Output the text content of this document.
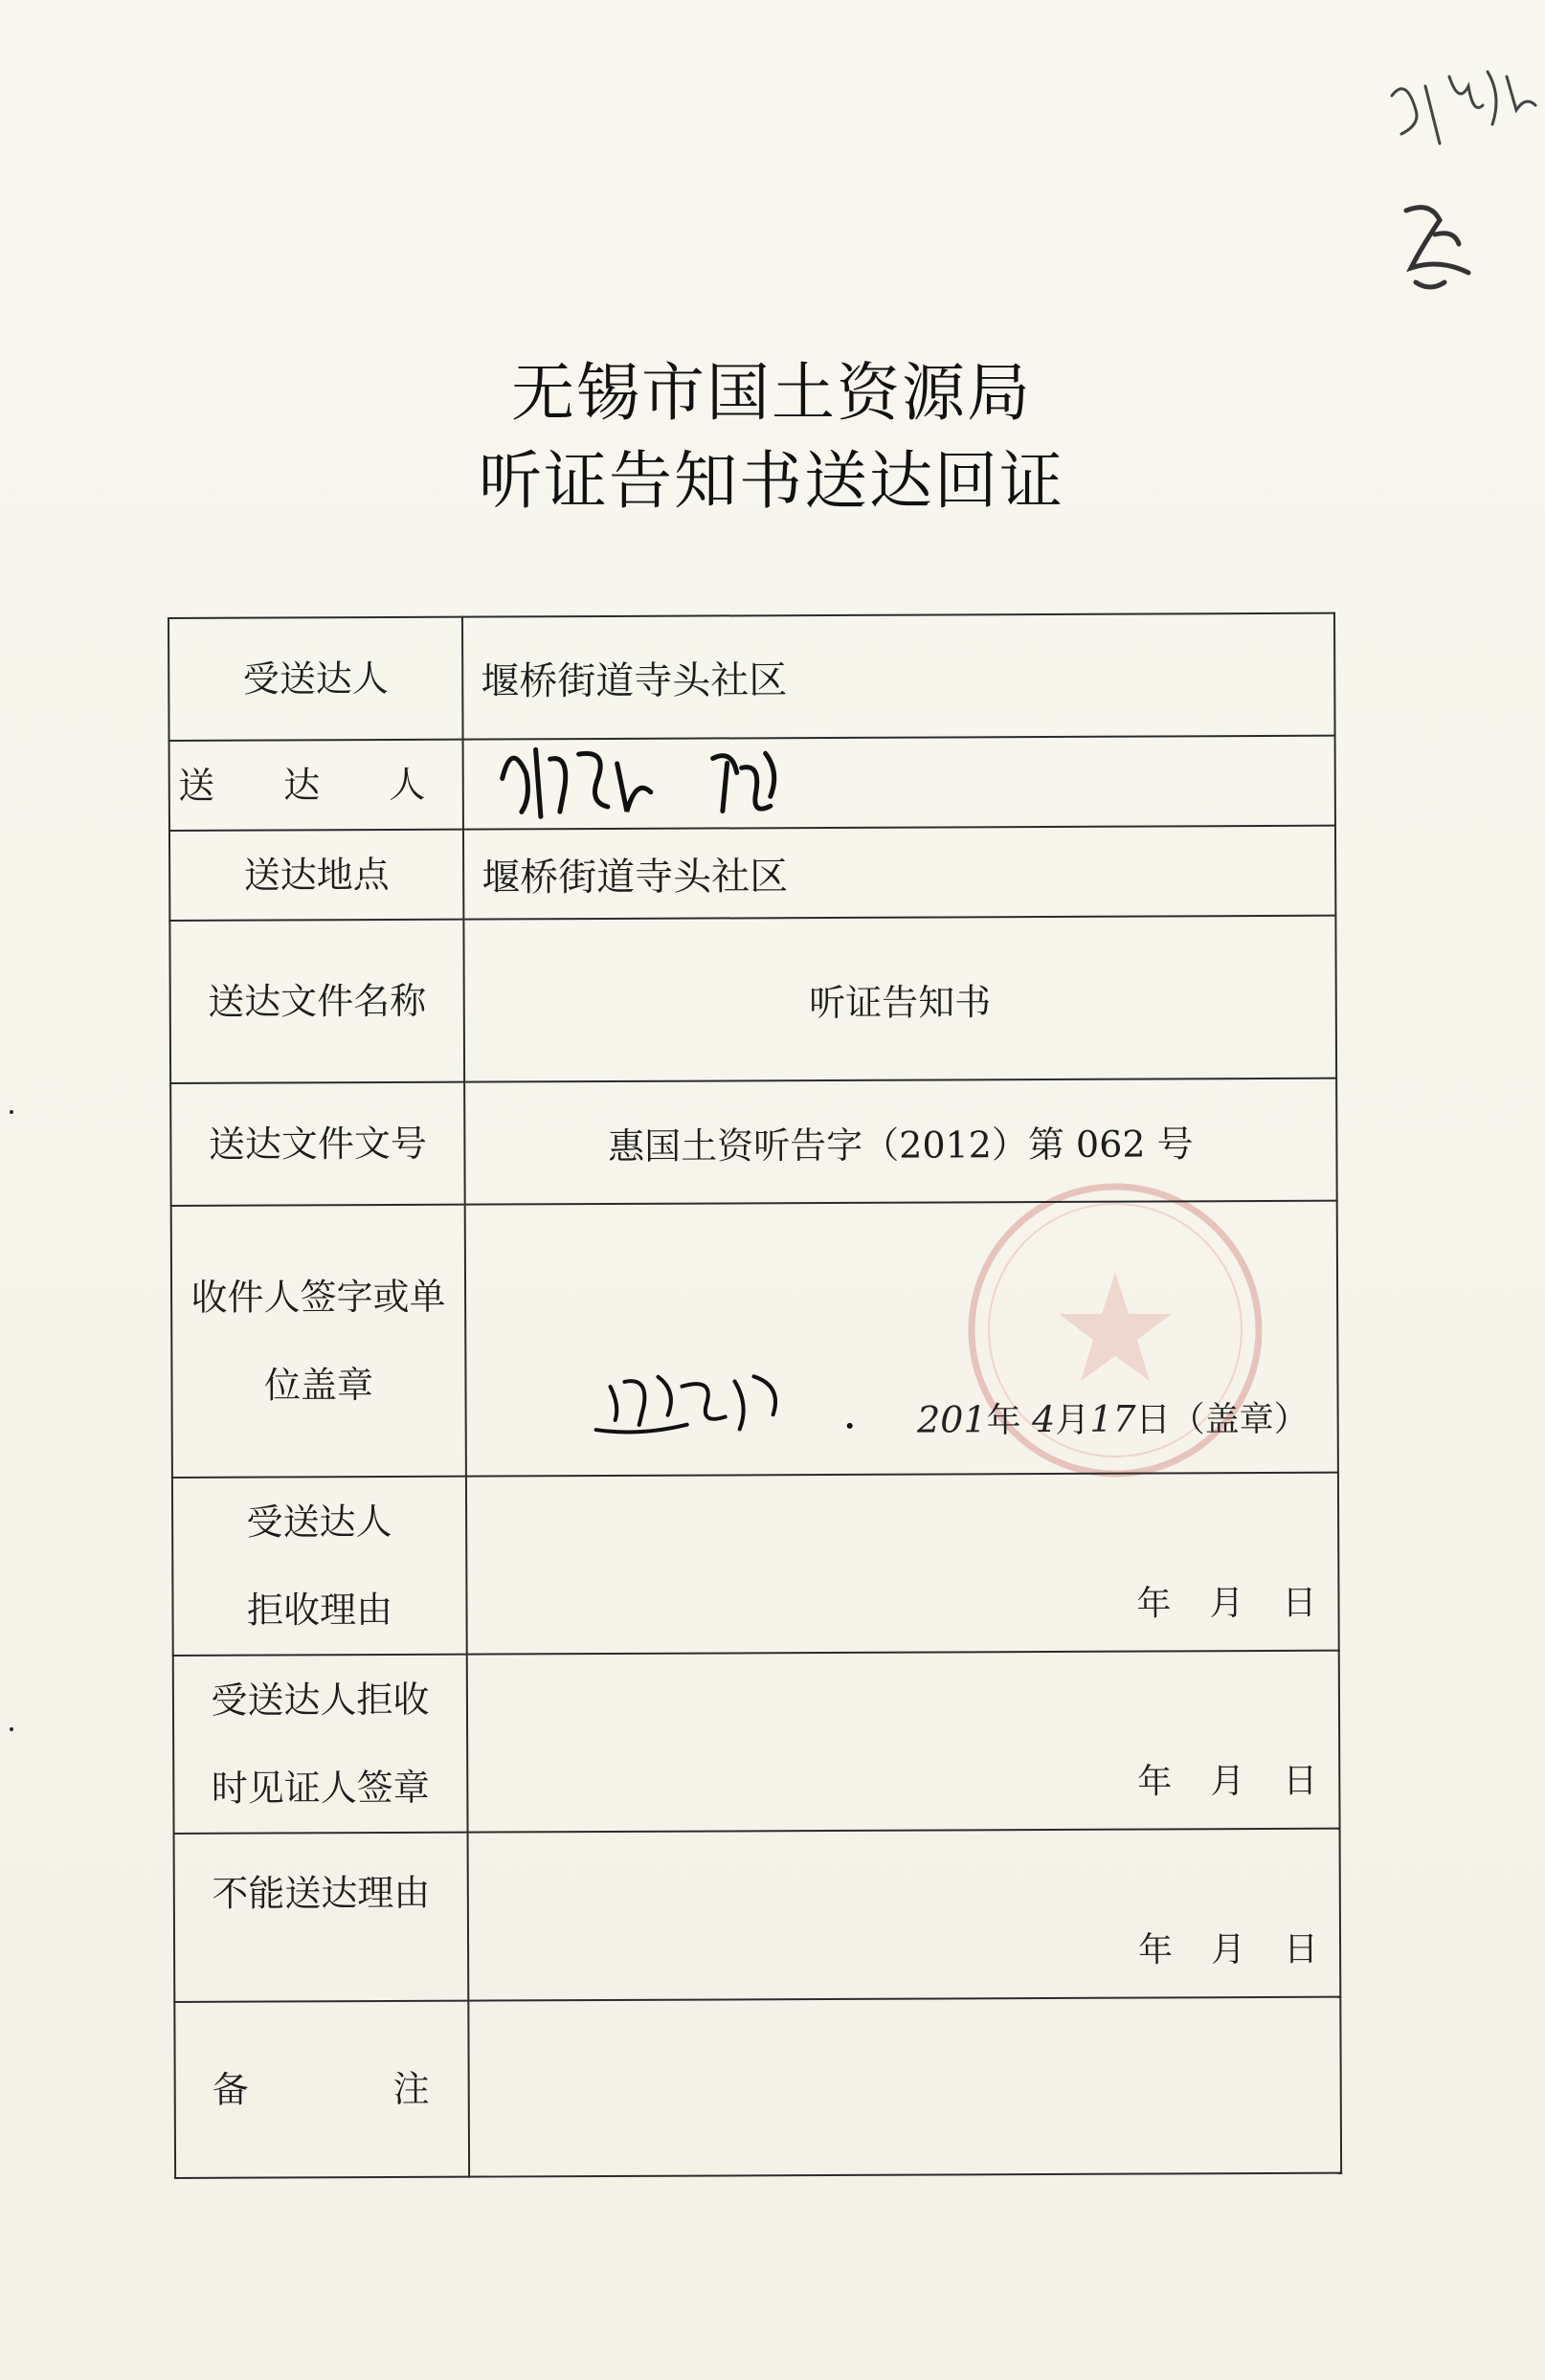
无锡市国土资源局
听证告知书送达回证
受送达人	堰桥街道寺头社区
送 达 人	

送达地点	堰桥街道寺头社区
送达文件名称	听证告知书
送达文件文号	惠国土资听告字（2012）第 062 号

收件人签字或单
位盖章	201年 4月17日（盖章）

受送达人
拒收理由	年　月　日

受送达人拒收
时见证人签章	年　月　日

不能送达理由	年　月　日

备 注	
